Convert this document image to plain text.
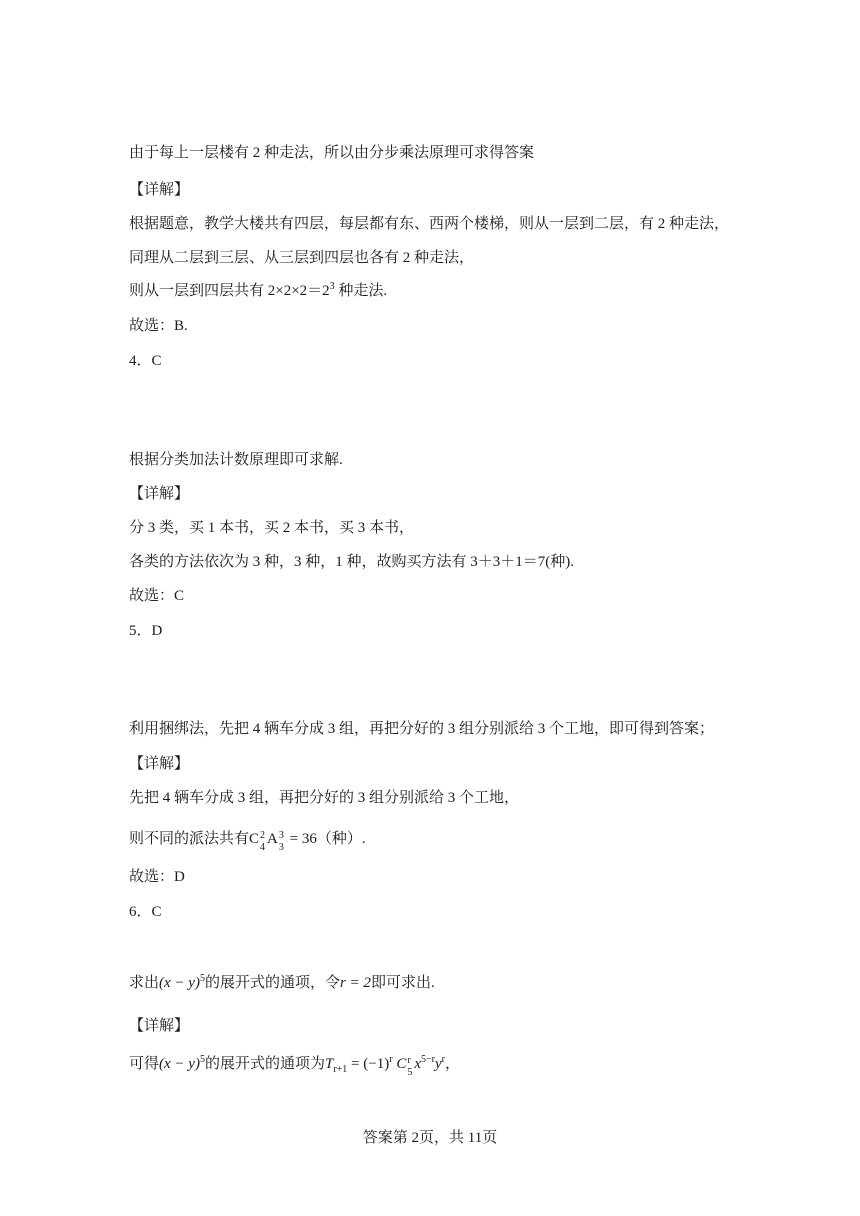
由于每上一层楼有 2 种走法，所以由分步乘法原理可求得答案
【详解】
根据题意，教学大楼共有四层，每层都有东、西两个楼梯，则从一层到二层，有 2 种走法，
同理从二层到三层、从三层到四层也各有 2 种走法，
则从一层到四层共有 $2\times 2\times 2=2^3$ 种走法.
故选：B.
4．C
根据分类加法计数原理即可求解.
【详解】
分 3 类，买 1 本书，买 2 本书，买 3 本书，
各类的方法依次为 3 种，3 种，1 种，故购买方法有 3＋3＋1＝7(种).
故选：C
5．D
利用捆绑法，先把 4 辆车分成 3 组，再把分好的 3 组分别派给 3 个工地，即可得到答案；
【详解】
先把 4 辆车分成 3 组，再把分好的 3 组分别派给 3 个工地，
则不同的派法共有C 2
4
A 3
3
= 36（种）.
故选：D
6．C
求出$(x - y)^5$的展开式的通项，令r = 2即可求出.
【详解】
可得$(x - y)^5$的展开式的通项为$T_{r+1} = (-1)^r$ C r
5
$x^{5-r}y^r$，
答案第 2页，共 11页
